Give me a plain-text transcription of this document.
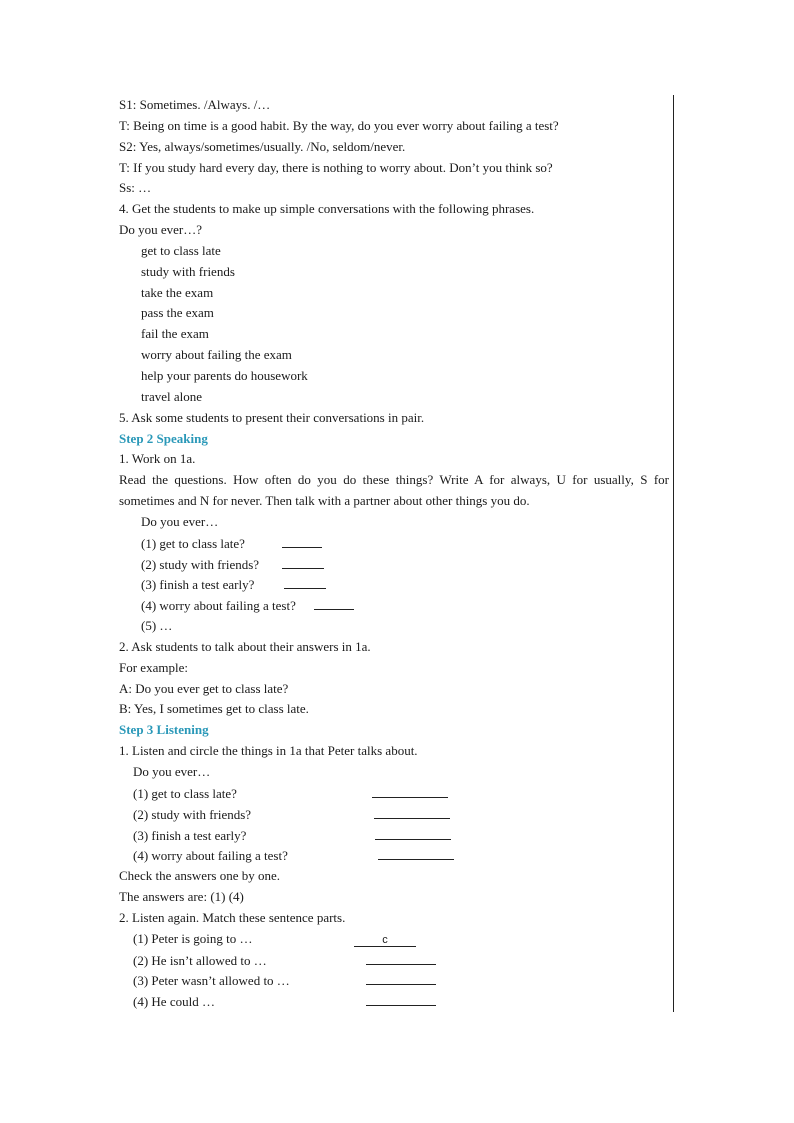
S1: Sometimes. /Always. /…
T: Being on time is a good habit. By the way, do you ever worry about failing a test?
S2: Yes, always/sometimes/usually. /No, seldom/never.
T: If you study hard every day, there is nothing to worry about. Don’t you think so?
Ss: …
4. Get the students to make up simple conversations with the following phrases.
Do you ever…?
get to class late
study with friends
take the exam
pass the exam
fail the exam
worry about failing the exam
help your parents do housework
travel alone
5. Ask some students to present their conversations in pair.
Step 2 Speaking
1. Work on 1a.
Read the questions. How often do you do these things? Write A for always, U for usually, S for sometimes and N for never. Then talk with a partner about other things you do.
Do you ever…
(1) get to class late?
(2) study with friends?
(3) finish a test early?
(4) worry about failing a test?
(5) …
2. Ask students to talk about their answers in 1a.
For example:
A: Do you ever get to class late?
B: Yes, I sometimes get to class late.
Step 3 Listening
1. Listen and circle the things in 1a that Peter talks about.
Do you ever…
(1) get to class late?
(2) study with friends?
(3) finish a test early?
(4) worry about failing a test?
Check the answers one by one.
The answers are: (1) (4)
2. Listen again. Match these sentence parts.
(1) Peter is going to …	c
(2) He isn’t allowed to …
(3) Peter wasn’t allowed to …
(4) He could …
